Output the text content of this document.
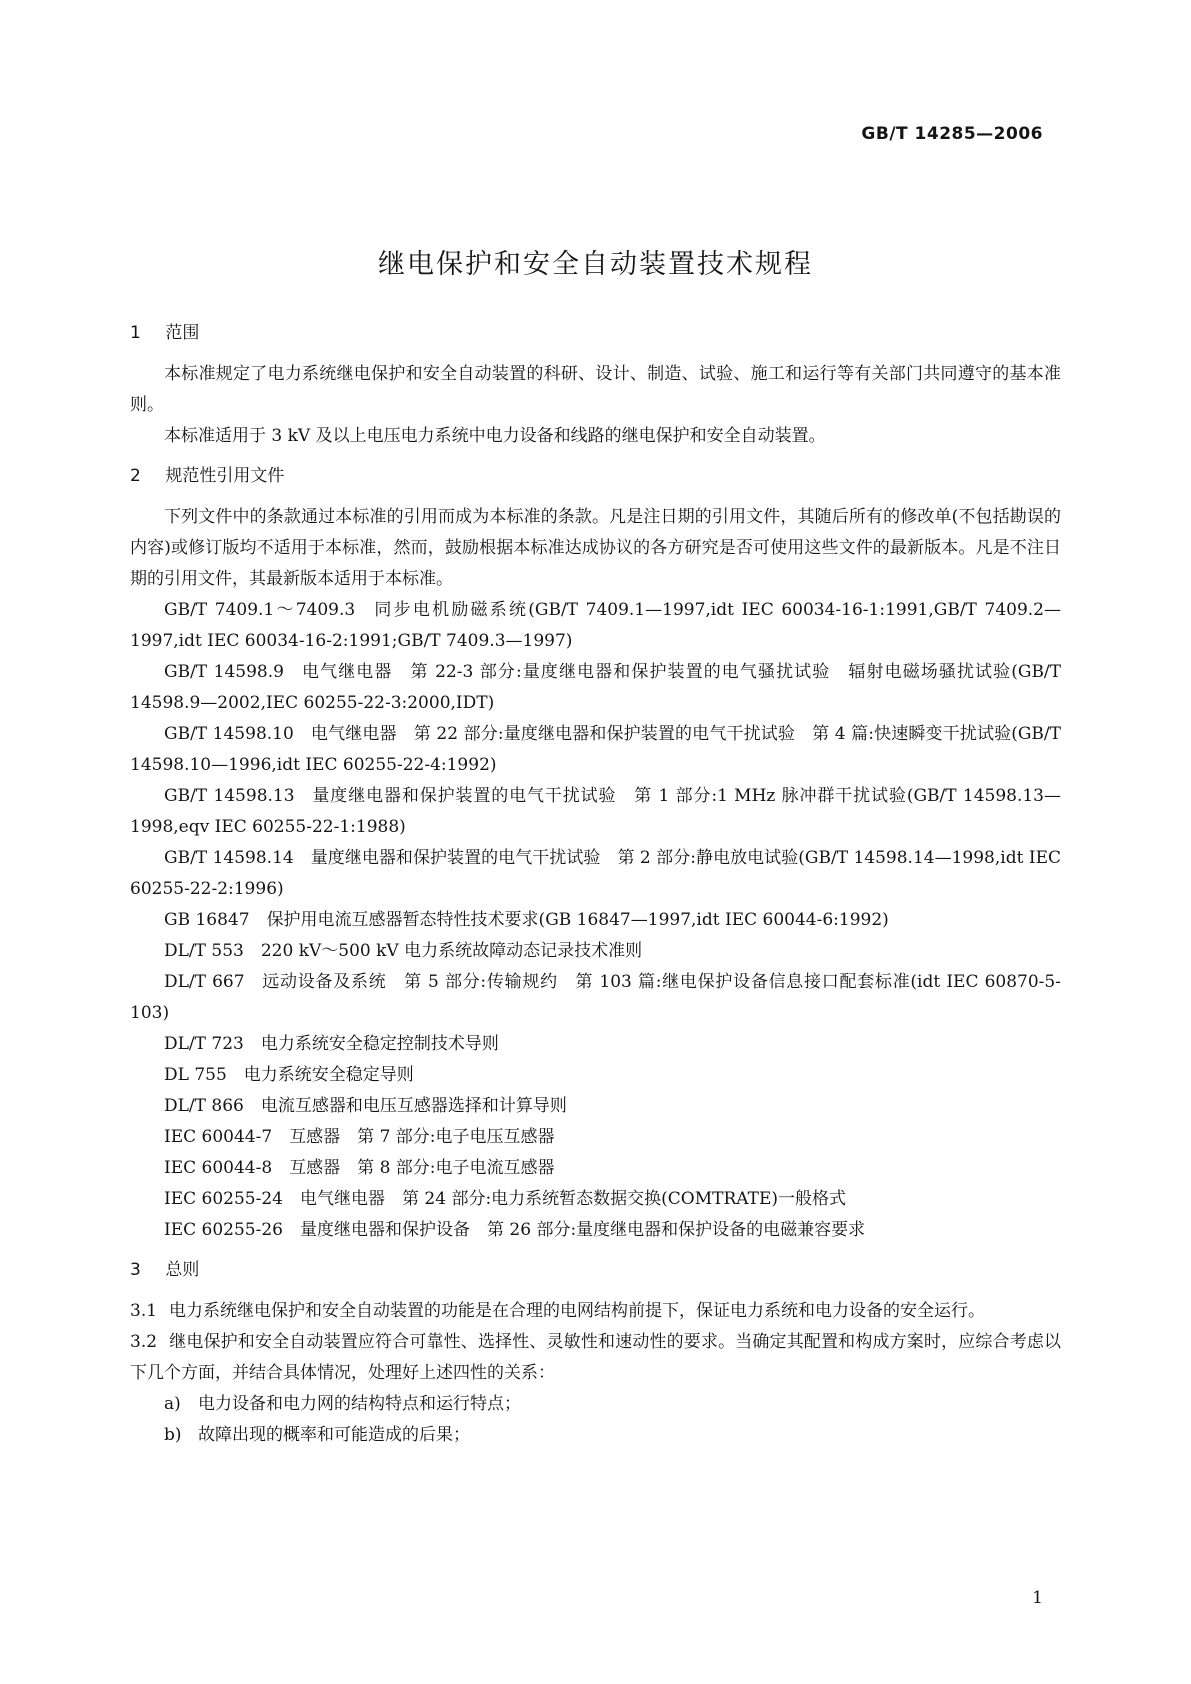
GB/T 14285—2006
继电保护和安全自动装置技术规程
1 范围

本标准规定了电力系统继电保护和安全自动装置的科研、设计、制造、试验、施工和运行等有关部门共同遵守的基本准则。

本标准适用于 3 kV 及以上电压电力系统中电力设备和线路的继电保护和安全自动装置。

2 规范性引用文件

下列文件中的条款通过本标准的引用而成为本标准的条款。凡是注日期的引用文件，其随后所有的修改单(不包括勘误的内容)或修订版均不适用于本标准，然而，鼓励根据本标准达成协议的各方研究是否可使用这些文件的最新版本。凡是不注日期的引用文件，其最新版本适用于本标准。

GB/T 7409.1～7409.3 同步电机励磁系统(GB/T 7409.1—1997,idt IEC 60034-16-1:1991,GB/T 7409.2—1997,idt IEC 60034-16-2:1991;GB/T 7409.3—1997)
GB/T 14598.9 电气继电器　第 22-3 部分:量度继电器和保护装置的电气骚扰试验　辐射电磁场骚扰试验(GB/T 14598.9—2002,IEC 60255-22-3:2000,IDT)
GB/T 14598.10 电气继电器　第 22 部分:量度继电器和保护装置的电气干扰试验　第 4 篇:快速瞬变干扰试验(GB/T 14598.10—1996,idt IEC 60255-22-4:1992)
GB/T 14598.13 量度继电器和保护装置的电气干扰试验　第 1 部分:1 MHz 脉冲群干扰试验(GB/T 14598.13—1998,eqv IEC 60255-22-1:1988)
GB/T 14598.14 量度继电器和保护装置的电气干扰试验　第 2 部分:静电放电试验(GB/T 14598.14—1998,idt IEC 60255-22-2:1996)
GB 16847 保护用电流互感器暂态特性技术要求(GB 16847—1997,idt IEC 60044-6:1992)
DL/T 553 220 kV～500 kV 电力系统故障动态记录技术准则
DL/T 667 远动设备及系统　第 5 部分:传输规约　第 103 篇:继电保护设备信息接口配套标准(idt IEC 60870-5-103)
DL/T 723 电力系统安全稳定控制技术导则
DL 755 电力系统安全稳定导则
DL/T 866 电流互感器和电压互感器选择和计算导则
IEC 60044-7 互感器　第 7 部分:电子电压互感器
IEC 60044-8 互感器　第 8 部分:电子电流互感器
IEC 60255-24 电气继电器　第 24 部分:电力系统暂态数据交换(COMTRATE)一般格式
IEC 60255-26 量度继电器和保护设备　第 26 部分:量度继电器和保护设备的电磁兼容要求
3 总则

3.1 电力系统继电保护和安全自动装置的功能是在合理的电网结构前提下，保证电力系统和电力设备的安全运行。

3.2 继电保护和安全自动装置应符合可靠性、选择性、灵敏性和速动性的要求。当确定其配置和构成方案时，应综合考虑以下几个方面，并结合具体情况，处理好上述四性的关系：

a) 电力设备和电力网的结构特点和运行特点；
b) 故障出现的概率和可能造成的后果；
1
